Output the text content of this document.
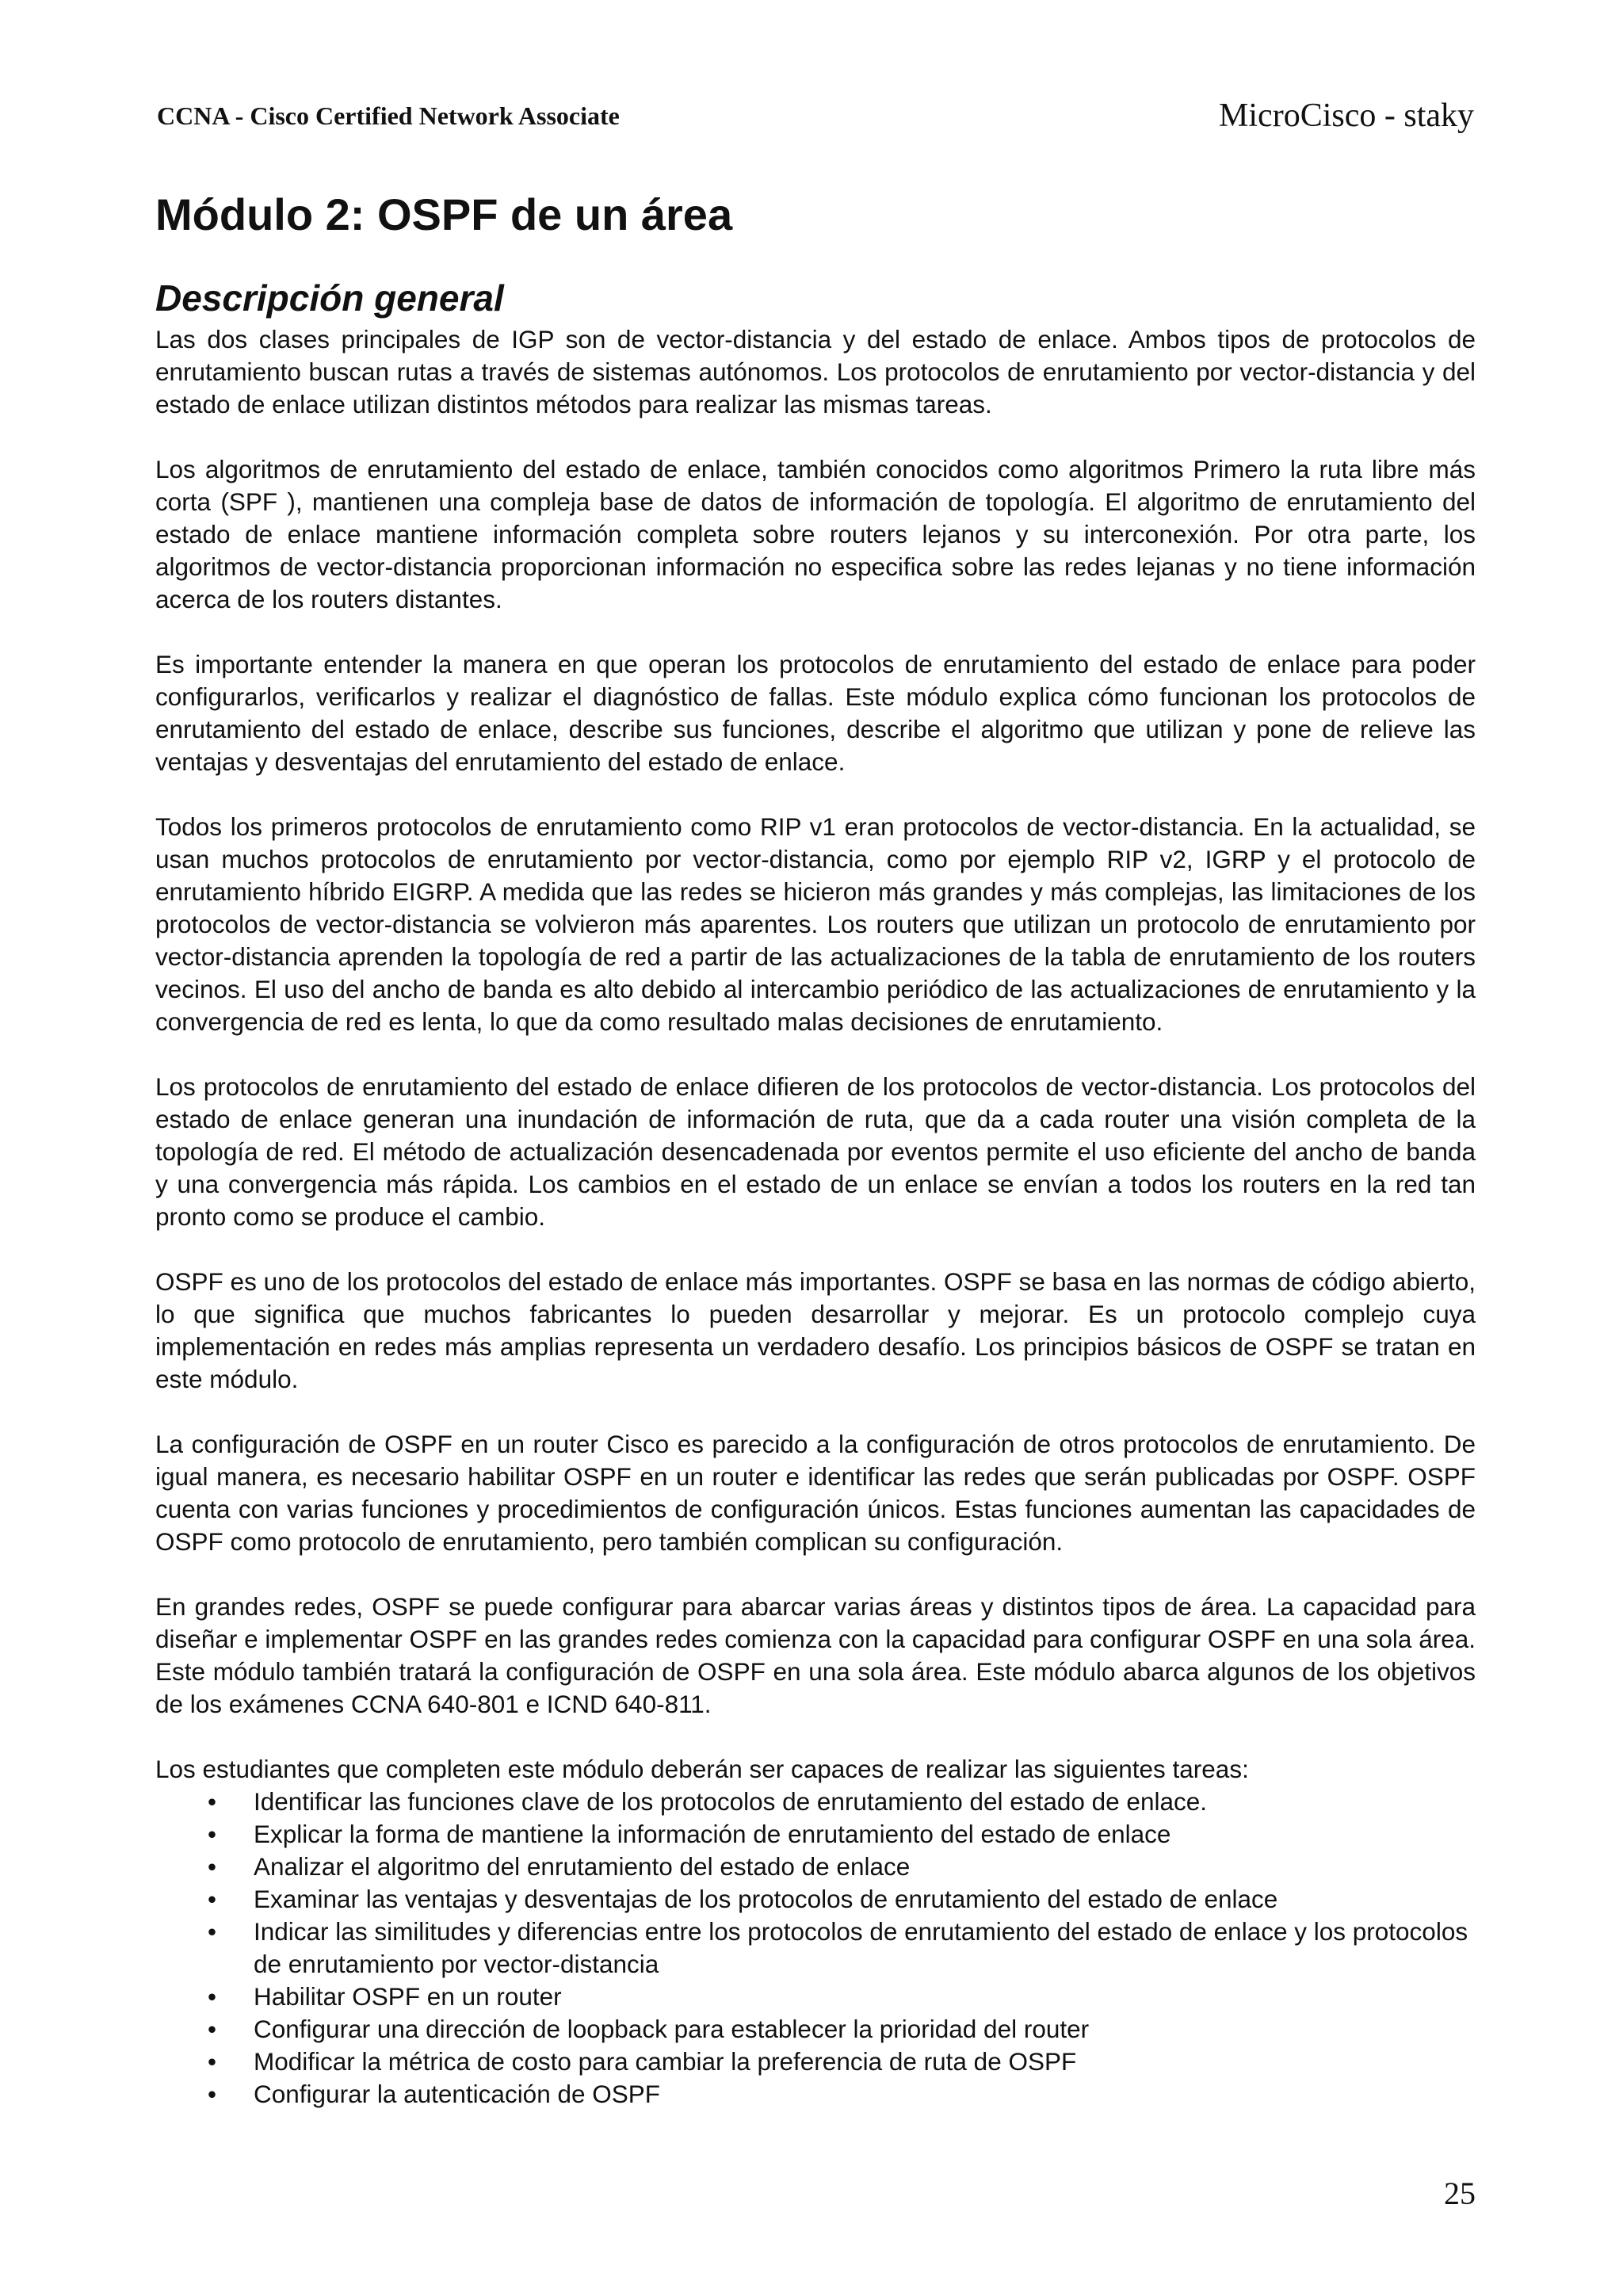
CCNA - Cisco Certified Network Associate	MicroCisco - staky
Módulo 2: OSPF de un área
Descripción general

Las dos clases principales de IGP son de vector-distancia y del estado de enlace. Ambos tipos de protocolos de enrutamiento buscan rutas a través de sistemas autónomos. Los protocolos de enrutamiento por vector-distancia y del estado de enlace utilizan distintos métodos para realizar las mismas tareas.

Los algoritmos de enrutamiento del estado de enlace, también conocidos como algoritmos Primero la ruta libre más corta (SPF ), mantienen una compleja base de datos de información de topología. El algoritmo de enrutamiento del estado de enlace mantiene información completa sobre routers lejanos y su interconexión. Por otra parte, los algoritmos de vector-distancia proporcionan información no especifica sobre las redes lejanas y no tiene información acerca de los routers distantes.

Es importante entender la manera en que operan los protocolos de enrutamiento del estado de enlace para poder configurarlos, verificarlos y realizar el diagnóstico de fallas. Este módulo explica cómo funcionan los protocolos de enrutamiento del estado de enlace, describe sus funciones, describe el algoritmo que utilizan y pone de relieve las ventajas y desventajas del enrutamiento del estado de enlace.

Todos los primeros protocolos de enrutamiento como RIP v1 eran protocolos de vector-distancia. En la actualidad, se usan muchos protocolos de enrutamiento por vector-distancia, como por ejemplo RIP v2, IGRP y el protocolo de enrutamiento híbrido EIGRP. A medida que las redes se hicieron más grandes y más complejas, las limitaciones de los protocolos de vector-distancia se volvieron más aparentes. Los routers que utilizan un protocolo de enrutamiento por vector-distancia aprenden la topología de red a partir de las actualizaciones de la tabla de enrutamiento de los routers vecinos. El uso del ancho de banda es alto debido al intercambio periódico de las actualizaciones de enrutamiento y la convergencia de red es lenta, lo que da como resultado malas decisiones de enrutamiento.

Los protocolos de enrutamiento del estado de enlace difieren de los protocolos de vector-distancia. Los protocolos del estado de enlace generan una inundación de información de ruta, que da a cada router una visión completa de la topología de red. El método de actualización desencadenada por eventos permite el uso eficiente del ancho de banda y una convergencia más rápida. Los cambios en el estado de un enlace se envían a todos los routers en la red tan pronto como se produce el cambio.

OSPF es uno de los protocolos del estado de enlace más importantes. OSPF se basa en las normas de código abierto, lo que significa que muchos fabricantes lo pueden desarrollar y mejorar. Es un protocolo complejo cuya implementación en redes más amplias representa un verdadero desafío. Los principios básicos de OSPF se tratan en este módulo.

La configuración de OSPF en un router Cisco es parecido a la configuración de otros protocolos de enrutamiento. De igual manera, es necesario habilitar OSPF en un router e identificar las redes que serán publicadas por OSPF. OSPF cuenta con varias funciones y procedimientos de configuración únicos. Estas funciones aumentan las capacidades de OSPF como protocolo de enrutamiento, pero también complican su configuración.

En grandes redes, OSPF se puede configurar para abarcar varias áreas y distintos tipos de área. La capacidad para diseñar e implementar OSPF en las grandes redes comienza con la capacidad para configurar OSPF en una sola área. Este módulo también tratará la configuración de OSPF en una sola área. Este módulo abarca algunos de los objetivos de los exámenes CCNA 640-801 e ICND 640-811.

Los estudiantes que completen este módulo deberán ser capaces de realizar las siguientes tareas:

• Identificar las funciones clave de los protocolos de enrutamiento del estado de enlace.
• Explicar la forma de mantiene la información de enrutamiento del estado de enlace
• Analizar el algoritmo del enrutamiento del estado de enlace
• Examinar las ventajas y desventajas de los protocolos de enrutamiento del estado de enlace
• Indicar las similitudes y diferencias entre los protocolos de enrutamiento del estado de enlace y los protocolos de enrutamiento por vector-distancia
• Habilitar OSPF en un router
• Configurar una dirección de loopback para establecer la prioridad del router
• Modificar la métrica de costo para cambiar la preferencia de ruta de OSPF
• Configurar la autenticación de OSPF
25
